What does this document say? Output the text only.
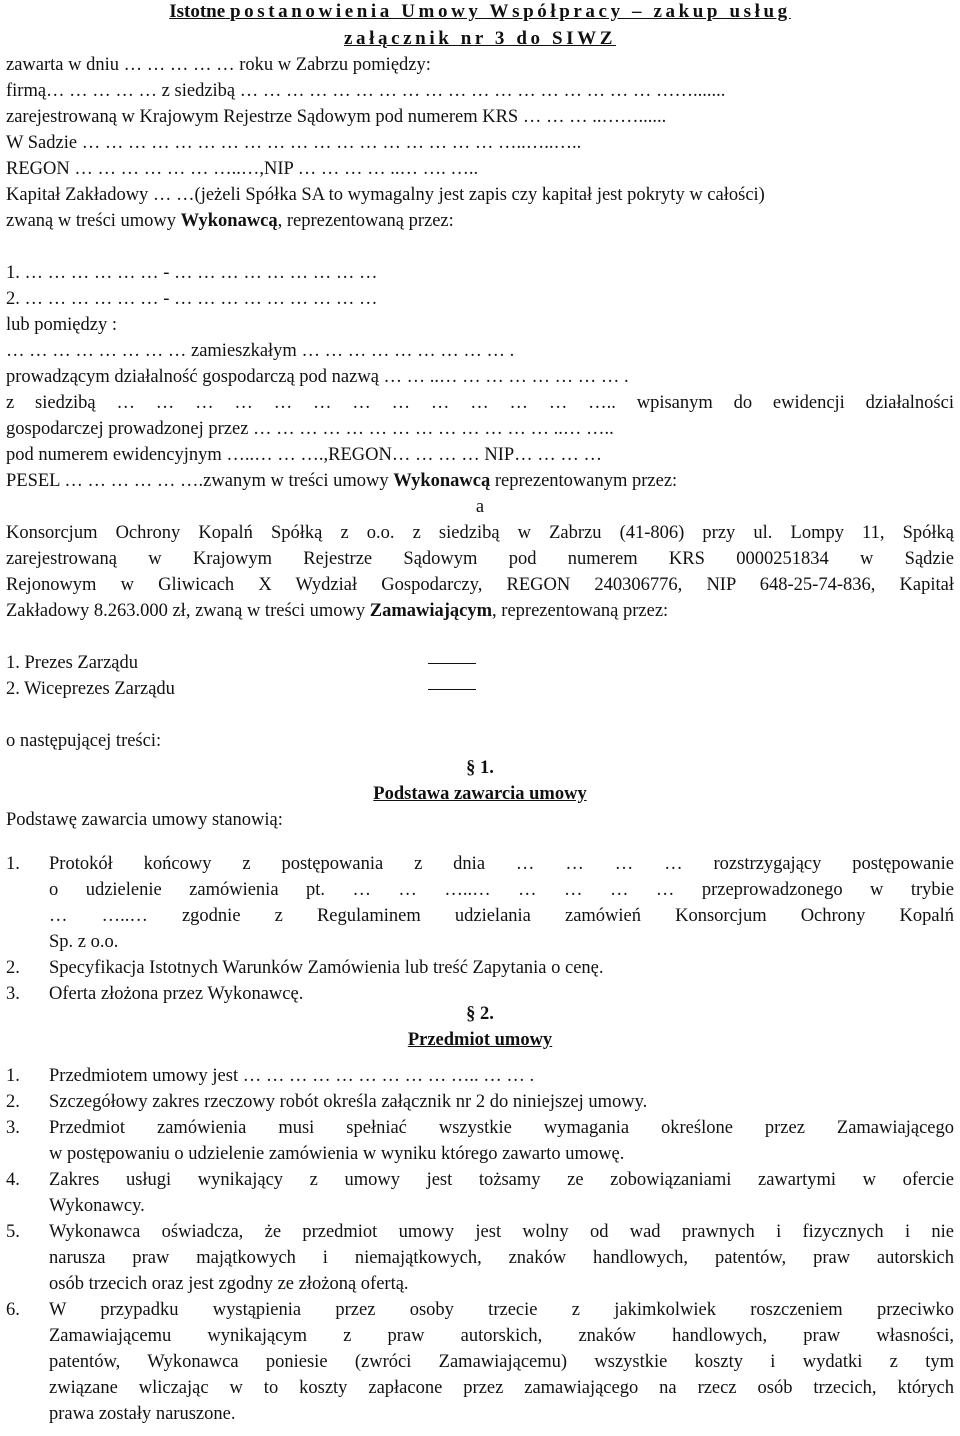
Istotne postanowienia Umowy Współpracy – zakup usług
załącznik nr 3 do SIWZ
zawarta w dniu … … … … … roku w Zabrzu pomiędzy:
firmą… … … … … z siedzibą … … … … … … … … … … … … … … … … … … …….......
zarejestrowaną w Krajowym Rejestrze Sądowym pod numerem KRS … … … ..……......
W Sadzie … … … … … … … … … … … … … … … … … … …..…..…..
REGON … … … … … … …..…,NIP … … … … ..… …. …..
Kapitał Zakładowy … …(jeżeli Spółka SA to wymagalny jest zapis czy kapitał jest pokryty w całości)
zwaną w treści umowy Wykonawcą, reprezentowaną przez:
1. … … … … … … - … … … … … … … … …
2. … … … … … … - … … … … … … … … …
lub pomiędzy :
… … … … … … … … zamieszkałym … … … … … … … … … .
prowadzącym działalność gospodarczą pod nazwą … … ..… … … … … … … … .
z siedzibą … … … … … … … … … … … … ….. wpisanym do ewidencji działalności
gospodarczej prowadzonej przez … … … … … … … … … … … … … ..… …..
pod numerem ewidencyjnym …..… … ….,REGON… … … … NIP… … … …
PESEL … … … … … ….zwanym w treści umowy Wykonawcą reprezentowanym przez:
a
Konsorcjum Ochrony Kopalń Spółką z o.o. z siedzibą w Zabrzu (41-806) przy ul. Lompy 11, Spółką
zarejestrowaną w Krajowym Rejestrze Sądowym pod numerem KRS 0000251834 w Sądzie
Rejonowym w Gliwicach X Wydział Gospodarczy, REGON 240306776, NIP 648-25-74-836, Kapitał
Zakładowy 8.263.000 zł, zwaną w treści umowy Zamawiającym, reprezentowaną przez:
1. Prezes Zarządu
2. Wiceprezes Zarządu
o następującej treści:
§ 1.
Podstawa zawarcia umowy
Podstawę zawarcia umowy stanowią:
1. Protokół końcowy z postępowania z dnia … … … … rozstrzygający postępowanie
o udzielenie zamówienia pt. … … …..… … … … … przeprowadzonego w trybie
… …..… zgodnie z Regulaminem udzielania zamówień Konsorcjum Ochrony Kopalń
Sp. z o.o.
2. Specyfikacja Istotnych Warunków Zamówienia lub treść Zapytania o cenę.
3. Oferta złożona przez Wykonawcę.
§ 2.
Przedmiot umowy
1. Przedmiotem umowy jest … … … … … … … … … ….. … … .
2. Szczegółowy zakres rzeczowy robót określa załącznik nr 2 do niniejszej umowy.
3. Przedmiot zamówienia musi spełniać wszystkie wymagania określone przez Zamawiającego
w postępowaniu o udzielenie zamówienia w wyniku którego zawarto umowę.
4. Zakres usługi wynikający z umowy jest tożsamy ze zobowiązaniami zawartymi w ofercie
Wykonawcy.
5. Wykonawca oświadcza, że przedmiot umowy jest wolny od wad prawnych i fizycznych i nie
narusza praw majątkowych i niemajątkowych, znaków handlowych, patentów, praw autorskich
osób trzecich oraz jest zgodny ze złożoną ofertą.
6. W przypadku wystąpienia przez osoby trzecie z jakimkolwiek roszczeniem przeciwko
Zamawiającemu wynikającym z praw autorskich, znaków handlowych, praw własności,
patentów, Wykonawca poniesie (zwróci Zamawiającemu) wszystkie koszty i wydatki z tym
związane wliczając w to koszty zapłacone przez zamawiającego na rzecz osób trzecich, których
prawa zostały naruszone.
